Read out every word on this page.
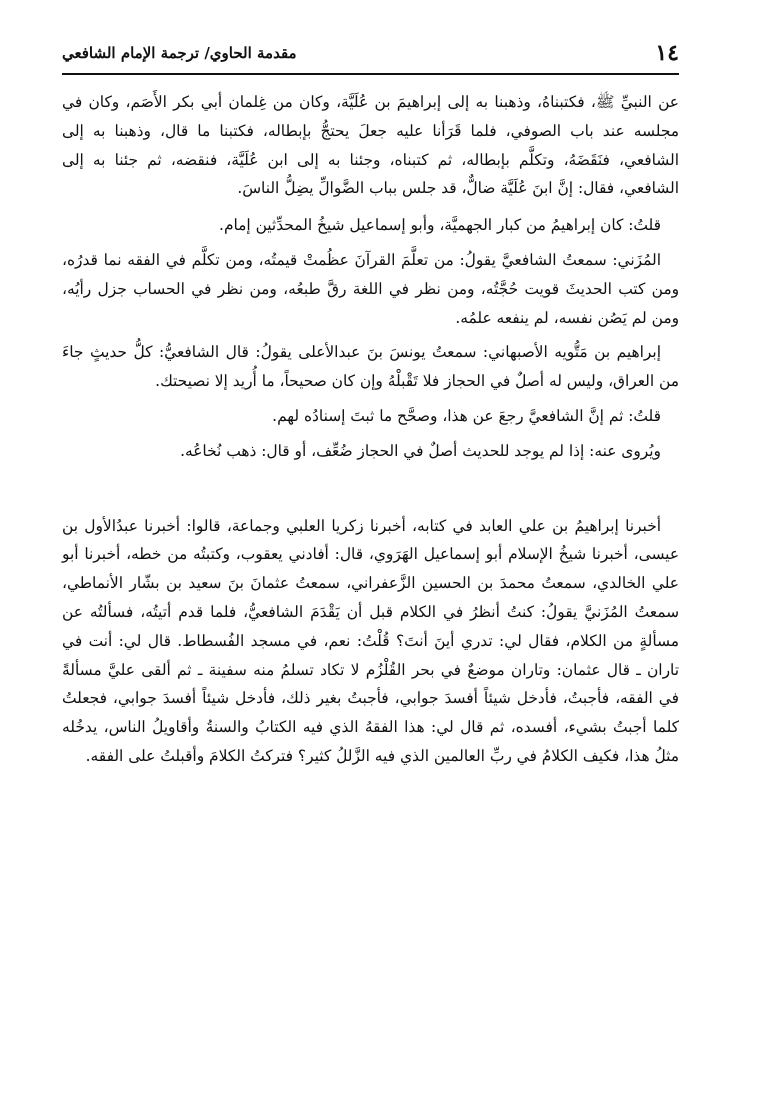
١٤
مقدمة الحاوي/ ترجمة الإمام الشافعي

عن النبيِّ ﷺ، فكتبناهُ، وذهبنا به إلى إبراهيمَ بن عُلَيَّة، وكان من غِلمان أبي بكر الأَصَم، وكان في مجلسه عند باب الصوفي، فلما قَرَأنا عليه جعلَ يحتجُّ بإبطاله، فكتبنا ما قال، وذهبنا به إلى الشافعي، فنَقَضَهُ، وتكلَّم بإبطاله، ثم كتبناه، وجئنا به إلى ابن عُلَيَّة، فنقضه، ثم جئنا به إلى الشافعي، فقال: إنَّ ابنَ عُلَيَّة ضالٌّ، قد جلس بباب الضَّوالِّ يضِلُّ الناسَ.

قلتُ: كان إبراهيمُ من كبار الجهميَّة، وأبو إسماعيل شيخُ المحدِّثين إمام.

المُزَني: سمعتُ الشافعيَّ يقولُ: من تعلَّمَ القرآنَ عظُمتْ قيمتُه، ومن تكلَّم في الفقه نما قدرُه، ومن كتب الحديثَ قويت حُجَّتُه، ومن نظر في اللغة رقَّ طبعُه، ومن نظر في الحساب جزل رأيُه، ومن لم يَصُن نفسه، لم ينفعه علمُه.

إبراهيم بن مَتُّويه الأصبهاني: سمعتُ يونسَ بنَ عبدالأعلى يقولُ: قال الشافعيُّ: كلُّ حديثٍ جاءَ من العراق، وليس له أصلٌ في الحجاز فلا تَقْبلْهُ وإن كان صحيحاً، ما أُريد إلا نصيحتك.

قلتُ: ثم إنَّ الشافعيَّ رجعَ عن هذا، وصحَّح ما ثبتَ إسنادُه لهم.

ويُروى عنه: إذا لم يوجد للحديث أصلٌ في الحجاز ضُعِّف، أو قال: ذهب نُخاعُه.

أخبرنا إبراهيمُ بن علي العابد في كتابه، أخبرنا زكريا العلبي وجماعة، قالوا: أخبرنا عبدُالأول بن عيسى، أخبرنا شيخُ الإسلام أبو إسماعيل الهَرَوي، قال: أفادني يعقوب، وكتبتُه من خطه، أخبرنا أبو علي الخالدي، سمعتُ محمدَ بن الحسين الزَّعفراني، سمعتُ عثمانَ بنَ سعيد بن بشّار الأنماطي، سمعتُ المُزَنيَّ يقولُ: كنتُ أنظرُ في الكلام قبل أن يَقْدَمَ الشافعيُّ، فلما قدم أتيتُه، فسألتُه عن مسألةٍ من الكلام، فقال لي: تدري أينَ أنتَ؟ قُلْتُ: نعم، في مسجد الفُسطاط. قال لي: أنت في تاران ـ قال عثمان: وتاران موضعٌ في بحر القُلْزُم لا تكاد تسلمُ منه سفينة ـ ثم ألقى عليَّ مسألةً في الفقه، فأجبتُ، فأدخل شيئاً أفسدَ جوابي، فأجبتُ بغير ذلك، فأدخل شيئاً أفسدَ جوابي، فجعلتُ كلما أجبتُ بشيء، أفسده، ثم قال لي: هذا الفقهُ الذي فيه الكتابُ والسنةُ وأقاويلُ الناس، يدخُله مثلُ هذا، فكيف الكلامُ في ربِّ العالمين الذي فيه الزَّللُ كثير؟ فتركتُ الكلامَ وأقبلتُ على الفقه.
